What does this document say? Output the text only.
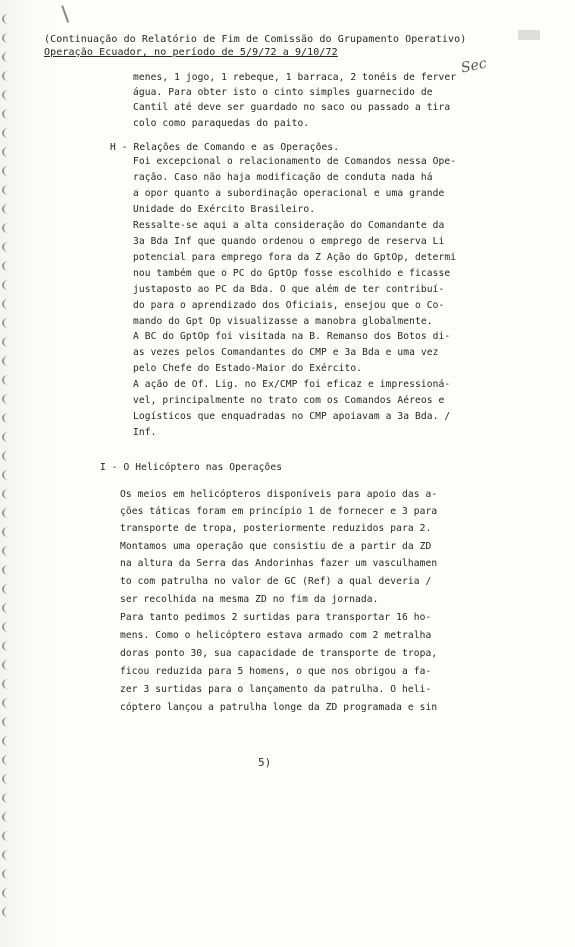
(Continuação do Relatório de Fim de Comissão do Grupamento Operativo)
Operação Ecuador, no período de 5/9/72 a 9/10/72
menes, 1 jogo, 1 rebeque, 1 barraca, 2 tonéis de ferver
água. Para obter isto o cinto simples guarnecido de
Cantil até deve ser guardado no saco ou passado a tira
colo como paraquedas do paito.
H - Relações de Comando e as Operações.
Foi excepcional o relacionamento de Comandos nessa Ope-
ração. Caso não haja modificação de conduta nada há
a opor quanto a subordinação operacional e uma grande
Unidade do Exército Brasileiro.
Ressalte-se aqui a alta consideração do Comandante da
3a Bda Inf que quando ordenou o emprego de reserva Li
potencial para emprego fora da Z Ação do GptOp, determi
nou também que o PC do GptOp fosse escolhido e ficasse
justaposto ao PC da Bda. O que além de ter contribuí-
do para o aprendizado dos Oficiais, ensejou que o Co-
mando do Gpt Op visualizasse a manobra globalmente.
A BC do GptOp foi visitada na B. Remanso dos Botos di-
as vezes pelos Comandantes do CMP e 3a Bda e uma vez
pelo Chefe do Estado-Maior do Exército.
A ação de Of. Lig. no Ex/CMP foi eficaz e impressioná-
vel, principalmente no trato com os Comandos Aéreos e
Logísticos que enquadradas no CMP apoiavam a 3a Bda. /
Inf.
I - O Helicóptero nas Operações
Os meios em helicópteros disponíveis para apoio das a-
ções táticas foram em princípio 1 de fornecer e 3 para
transporte de tropa, posteriormente reduzidos para 2.
Montamos uma operação que consistiu de a partir da ZD
na altura da Serra das Andorinhas fazer um vasculhamen
to com patrulha no valor de GC (Ref) a qual deveria /
ser recolhida na mesma ZD no fim da jornada.
Para tanto pedimos 2 surtidas para transportar 16 ho-
mens. Como o helicóptero estava armado com 2 metralha
doras ponto 30, sua capacidade de transporte de tropa,
ficou reduzida para 5 homens, o que nos obrigou a fa-
zer 3 surtidas para o lançamento da patrulha. O heli-
cóptero lançou a patrulha longe da ZD programada e sin
Sec
5)
